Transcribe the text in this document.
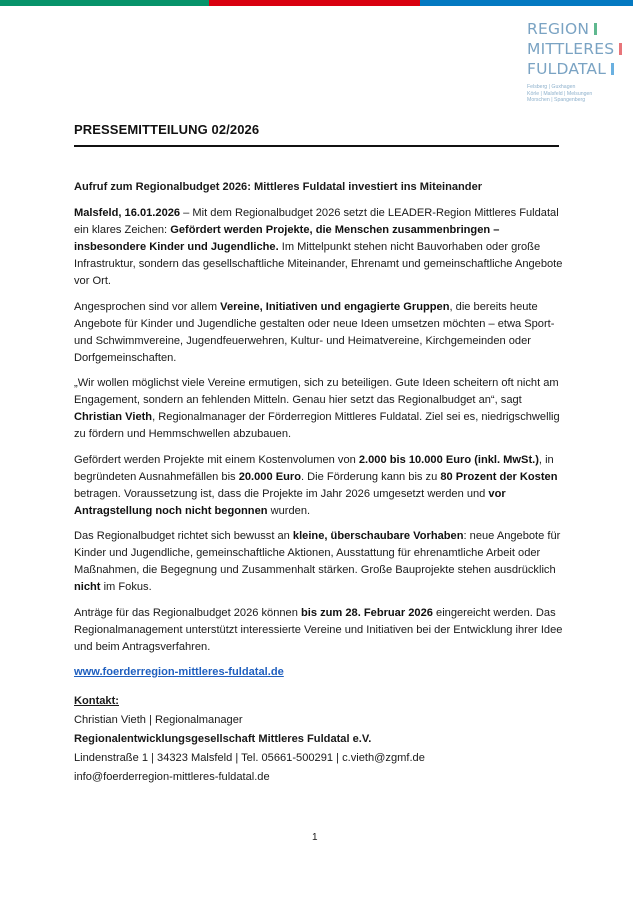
REGION
MITTLERES
FULDATAL
Felsberg | Guxhagen
Körle | Malsfeld | Melsungen
Morschen | Spangenberg
PRESSEMITTEILUNG 02/2026

Aufruf zum Regionalbudget 2026: Mittleres Fuldatal investiert ins Miteinander

Malsfeld, 16.01.2026 – Mit dem Regionalbudget 2026 setzt die LEADER-Region Mittleres Fuldatal ein klares Zeichen: Gefördert werden Projekte, die Menschen zusammenbringen – insbesondere Kinder und Jugendliche. Im Mittelpunkt stehen nicht Bauvorhaben oder große Infrastruktur, sondern das gesellschaftliche Miteinander, Ehrenamt und gemeinschaftliche Angebote vor Ort.

Angesprochen sind vor allem Vereine, Initiativen und engagierte Gruppen, die bereits heute Angebote für Kinder und Jugendliche gestalten oder neue Ideen umsetzen möchten – etwa Sport- und Schwimmvereine, Jugendfeuerwehren, Kultur- und Heimatvereine, Kirchgemeinden oder Dorfgemeinschaften.

„Wir wollen möglichst viele Vereine ermutigen, sich zu beteiligen. Gute Ideen scheitern oft nicht am Engagement, sondern an fehlenden Mitteln. Genau hier setzt das Regionalbudget an“, sagt Christian Vieth, Regionalmanager der Förderregion Mittleres Fuldatal. Ziel sei es, niedrigschwellig zu fördern und Hemmschwellen abzubauen.

Gefördert werden Projekte mit einem Kostenvolumen von 2.000 bis 10.000 Euro (inkl. MwSt.), in begründeten Ausnahmefällen bis 20.000 Euro. Die Förderung kann bis zu 80 Prozent der Kosten betragen. Voraussetzung ist, dass die Projekte im Jahr 2026 umgesetzt werden und vor Antragstellung noch nicht begonnen wurden.

Das Regionalbudget richtet sich bewusst an kleine, überschaubare Vorhaben: neue Angebote für Kinder und Jugendliche, gemeinschaftliche Aktionen, Ausstattung für ehrenamtliche Arbeit oder Maßnahmen, die Begegnung und Zusammenhalt stärken. Große Bauprojekte stehen ausdrücklich nicht im Fokus.

Anträge für das Regionalbudget 2026 können bis zum 28. Februar 2026 eingereicht werden. Das Regionalmanagement unterstützt interessierte Vereine und Initiativen bei der Entwicklung ihrer Idee und beim Antragsverfahren.

www.foerderregion-mittleres-fuldatal.de

Kontakt:
Christian Vieth | Regionalmanager
Regionalentwicklungsgesellschaft Mittleres Fuldatal e.V.
Lindenstraße 1 | 34323 Malsfeld | Tel. 05661-500291 | c.vieth@zgmf.de
info@foerderregion-mittleres-fuldatal.de
1
